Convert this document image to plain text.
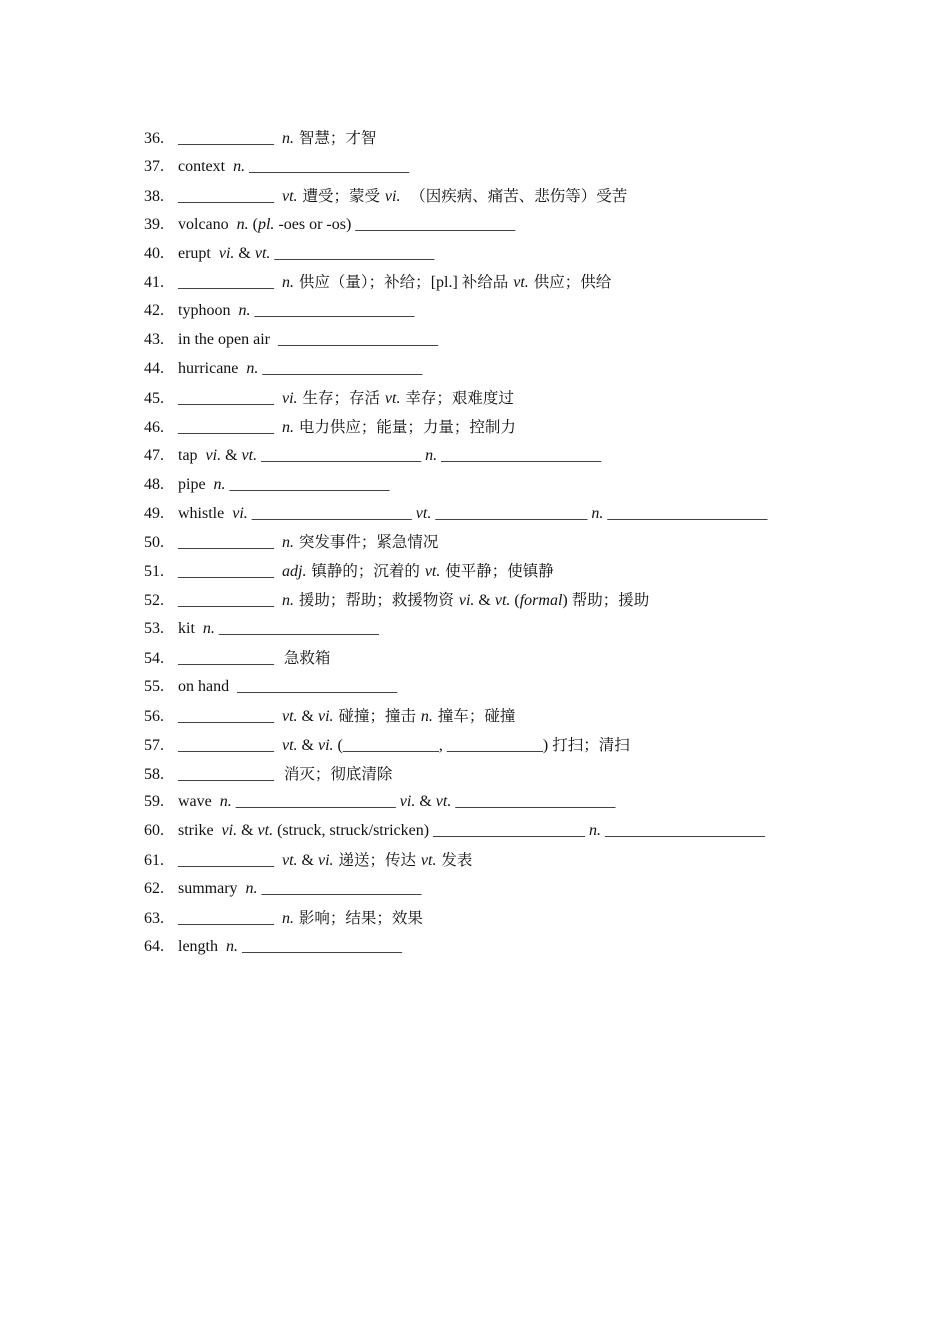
36. ____________ n. 智慧；才智
37. context  n. ____________________
38. ____________ vt. 遭受；蒙受 vi.  （因疾病、痛苦、悲伤等）受苦
39. volcano  n. (pl. -oes or -os) ____________________
40. erupt  vi. & vt. ____________________
41. ____________ n. 供应（量）；补给；[pl.] 补给品 vt. 供应；供给
42. typhoon  n. ____________________
43. in the open air  ____________________
44. hurricane  n. ____________________
45. ____________ vi. 生存；存活 vt. 幸存；艰难度过
46. ____________ n. 电力供应；能量；力量；控制力
47. tap  vi. & vt. ____________________ n. ____________________
48. pipe  n. ____________________
49. whistle  vi. ____________________ vt. ___________________ n. ____________________
50. ____________ n. 突发事件；紧急情况
51. ____________ adj. 镇静的；沉着的 vt. 使平静；使镇静
52. ____________ n. 援助；帮助；救援物资 vi. & vt. (formal) 帮助；援助
53. kit  n. ____________________
54. ____________  急救箱
55. on hand  ____________________
56. ____________ vt. & vi. 碰撞；撞击 n. 撞车；碰撞
57. ____________ vt. & vi. (____________, ____________) 打扫；清扫
58. ____________  消灭；彻底清除
59. wave  n. ____________________ vi. & vt. ____________________
60. strike  vi. & vt. (struck, struck/stricken) ___________________ n. ____________________
61. ____________ vt. & vi. 递送；传达 vt. 发表
62. summary  n. ____________________
63. ____________ n. 影响；结果；效果
64. length  n. ____________________
